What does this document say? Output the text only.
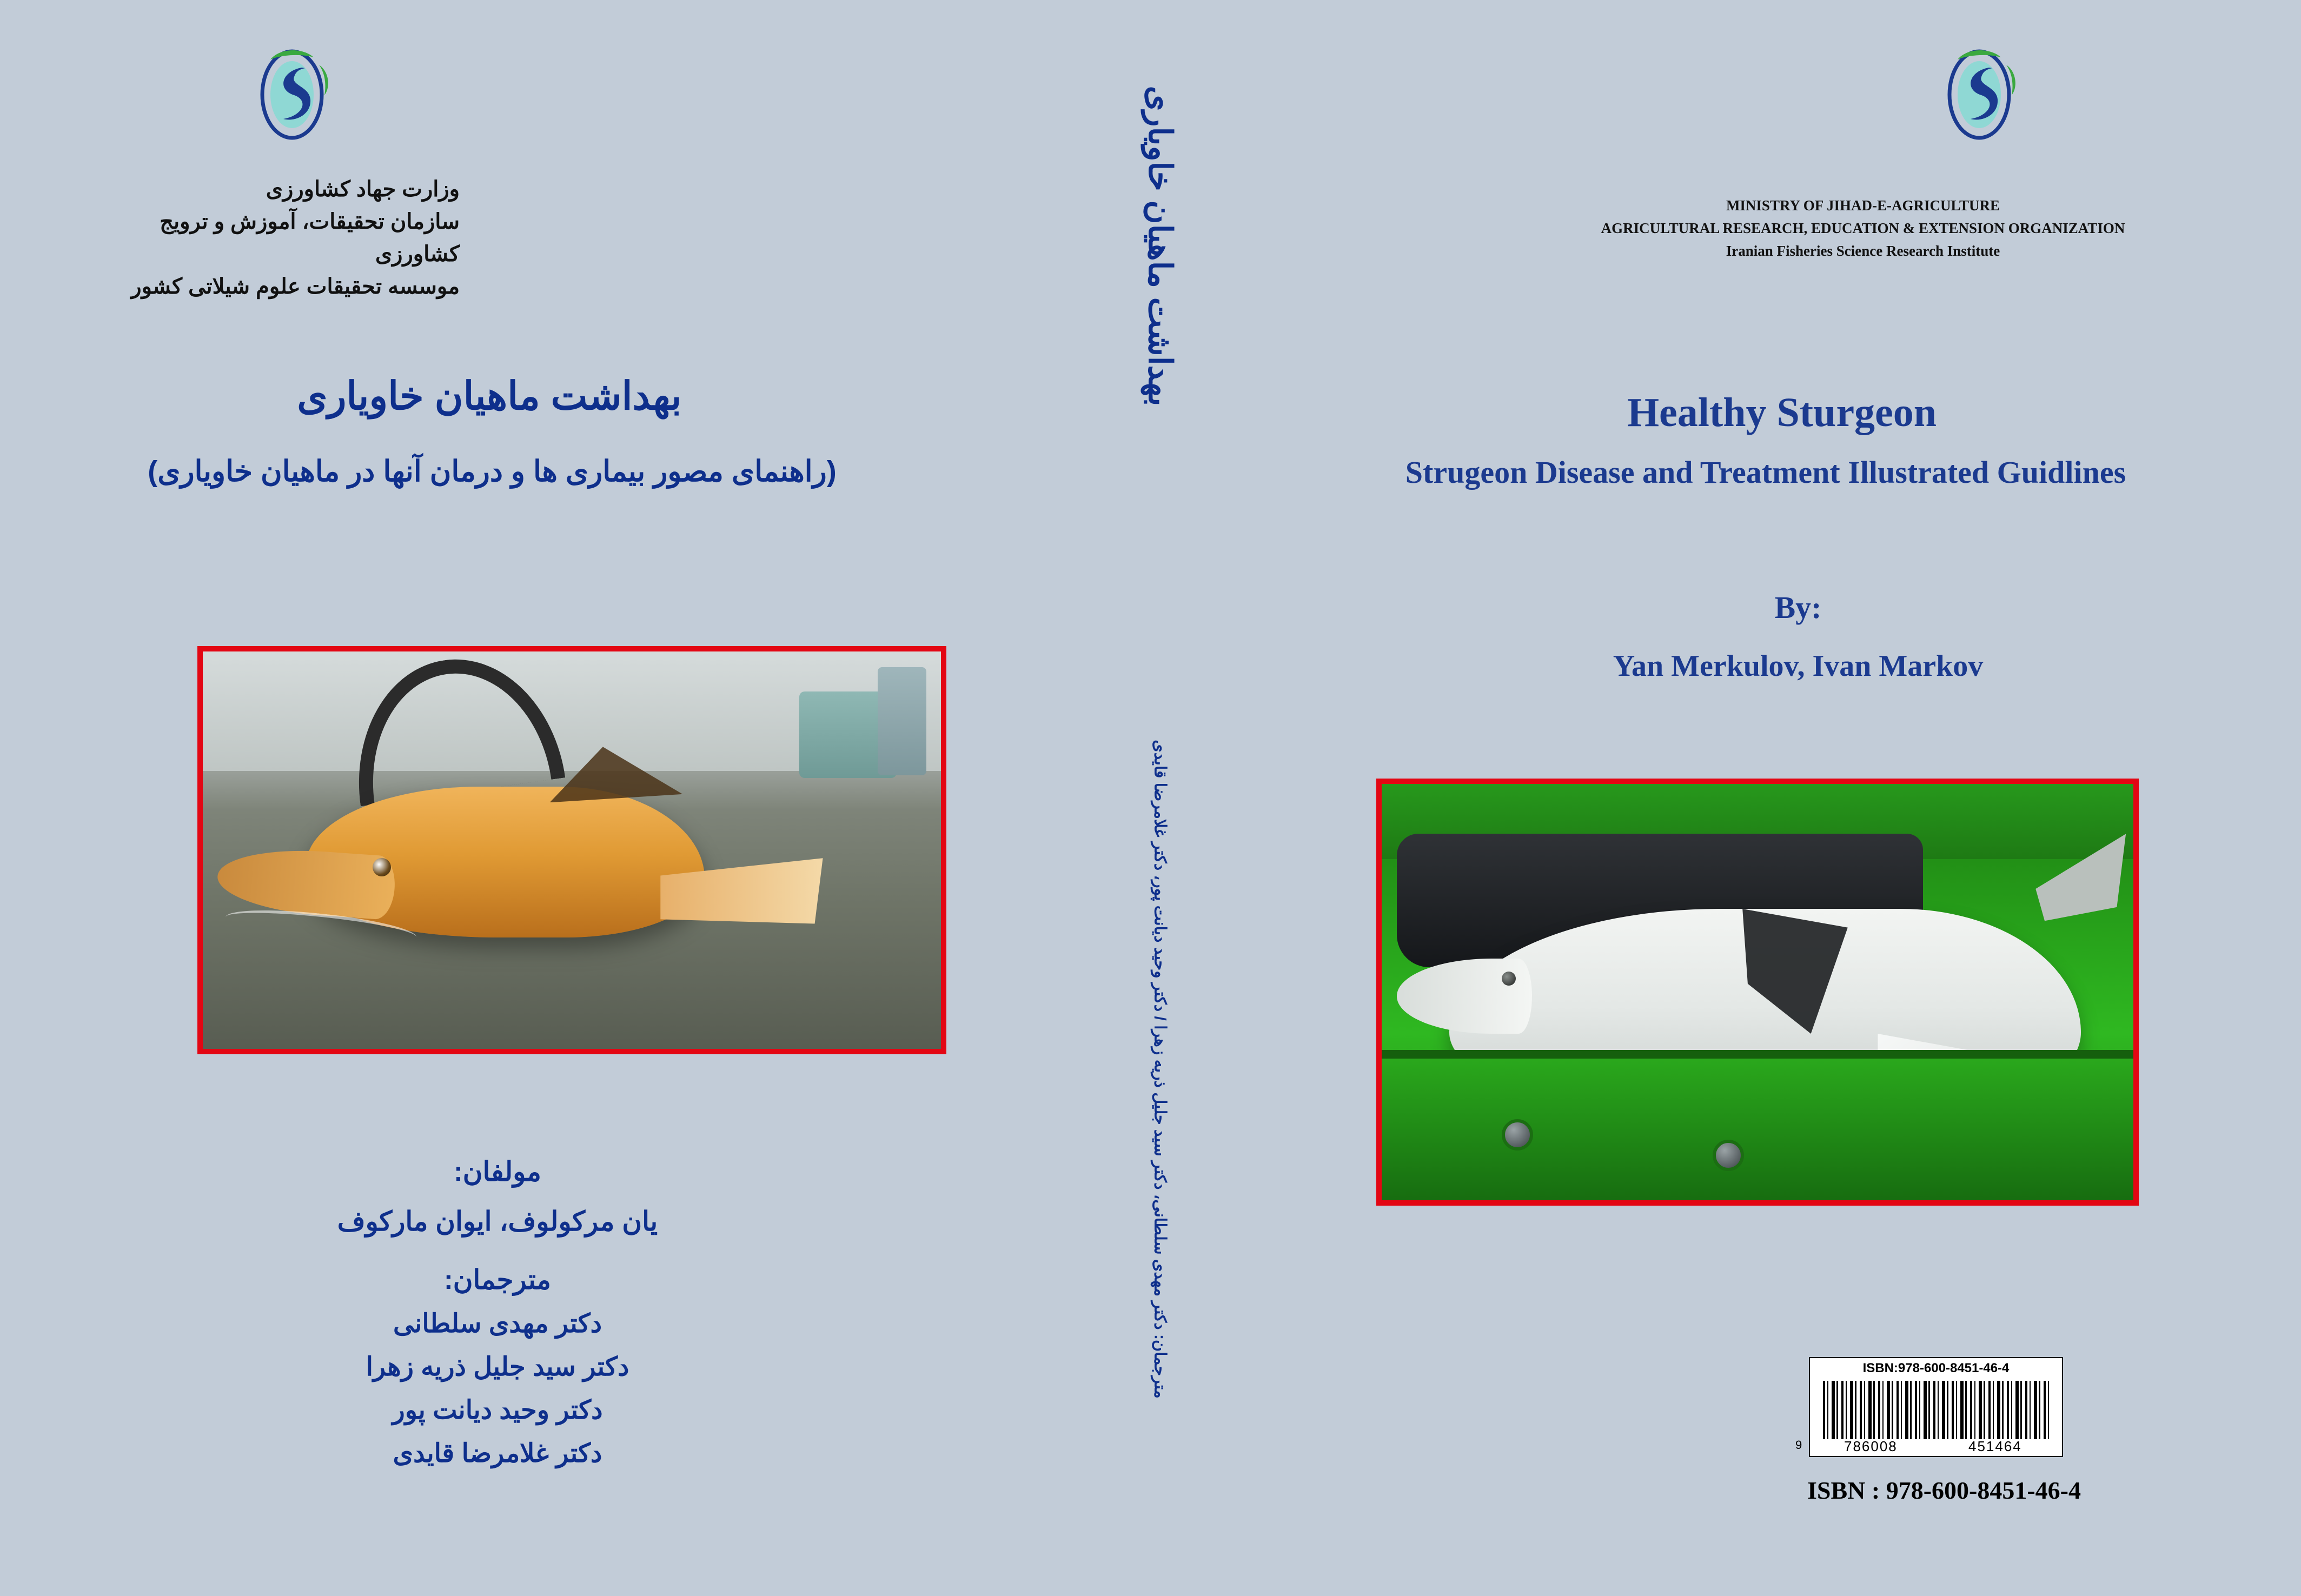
وزارت جهاد کشاورزی
سازمان تحقیقات، آموزش و ترویج کشاورزی
موسسه تحقیقات علوم شیلاتی کشور
بهداشت ماهیان خاویاری
(راهنمای مصور بیماری ها و درمان آنها در ماهیان خاویاری)
مولفان:
یان مرکولوف، ایوان مارکوف
مترجمان:
دکتر مهدی سلطانی
دکتر سید جلیل ذریه زهرا
دکتر وحید دیانت پور
دکتر غلامرضا قایدی
بهداشت ماهیان خاویاری
مترجمان: دکتر مهدی سلطانی، دکتر سید جلیل ذریه زهرا / دکتر وحید دیانت پور، دکتر غلامرضا قایدی
MINISTRY OF JIHAD-E-AGRICULTURE
AGRICULTURAL RESEARCH, EDUCATION & EXTENSION ORGANIZATION
Iranian Fisheries Science Research Institute
Healthy Sturgeon
Strugeon Disease and Treatment Illustrated Guidlines
By:
Yan Merkulov, Ivan Markov
ISBN:978-600-8451-46-4
9	786008	451464
ISBN : 978-600-8451-46-4
